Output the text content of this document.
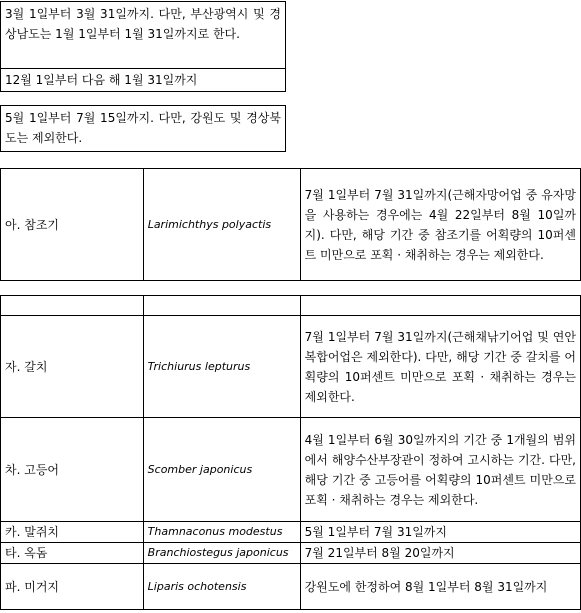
3월 1일부터 3월 31일까지. 다만, 부산광역시 및 경상남도는 1월 1일부터 1월 31일까지로 한다.
12월 1일부터 다음 해 1월 31일까지
5월 1일부터 7월 15일까지. 다만, 강원도 및 경상북도는 제외한다.
아. 참조기	Larimichthys polyactis	7월 1일부터 7월 31일까지(근해자망어업 중 유자망을 사용하는 경우에는 4월 22일부터 8월 10일까지). 다만, 해당 기간 중 참조기를 어획량의 10퍼센트 미만으로 포획 · 채취하는 경우는 제외한다.

자. 갈치	Trichiurus lepturus	7월 1일부터 7월 31일까지(근해채낚기어업 및 연안복합어업은 제외한다). 다만, 해당 기간 중 갈치를 어획량의 10퍼센트 미만으로 포획 · 채취하는 경우는 제외한다.
차. 고등어	Scomber japonicus	4월 1일부터 6월 30일까지의 기간 중 1개월의 범위에서 해양수산부장관이 정하여 고시하는 기간. 다만, 해당 기간 중 고등어를 어획량의 10퍼센트 미만으로 포획 · 채취하는 경우는 제외한다.
카. 말쥐치	Thamnaconus modestus	5월 1일부터 7월 31일까지
타. 옥돔	Branchiostegus japonicus	7월 21일부터 8월 20일까지
파. 미거지	Liparis ochotensis	강원도에 한정하여 8월 1일부터 8월 31일까지
